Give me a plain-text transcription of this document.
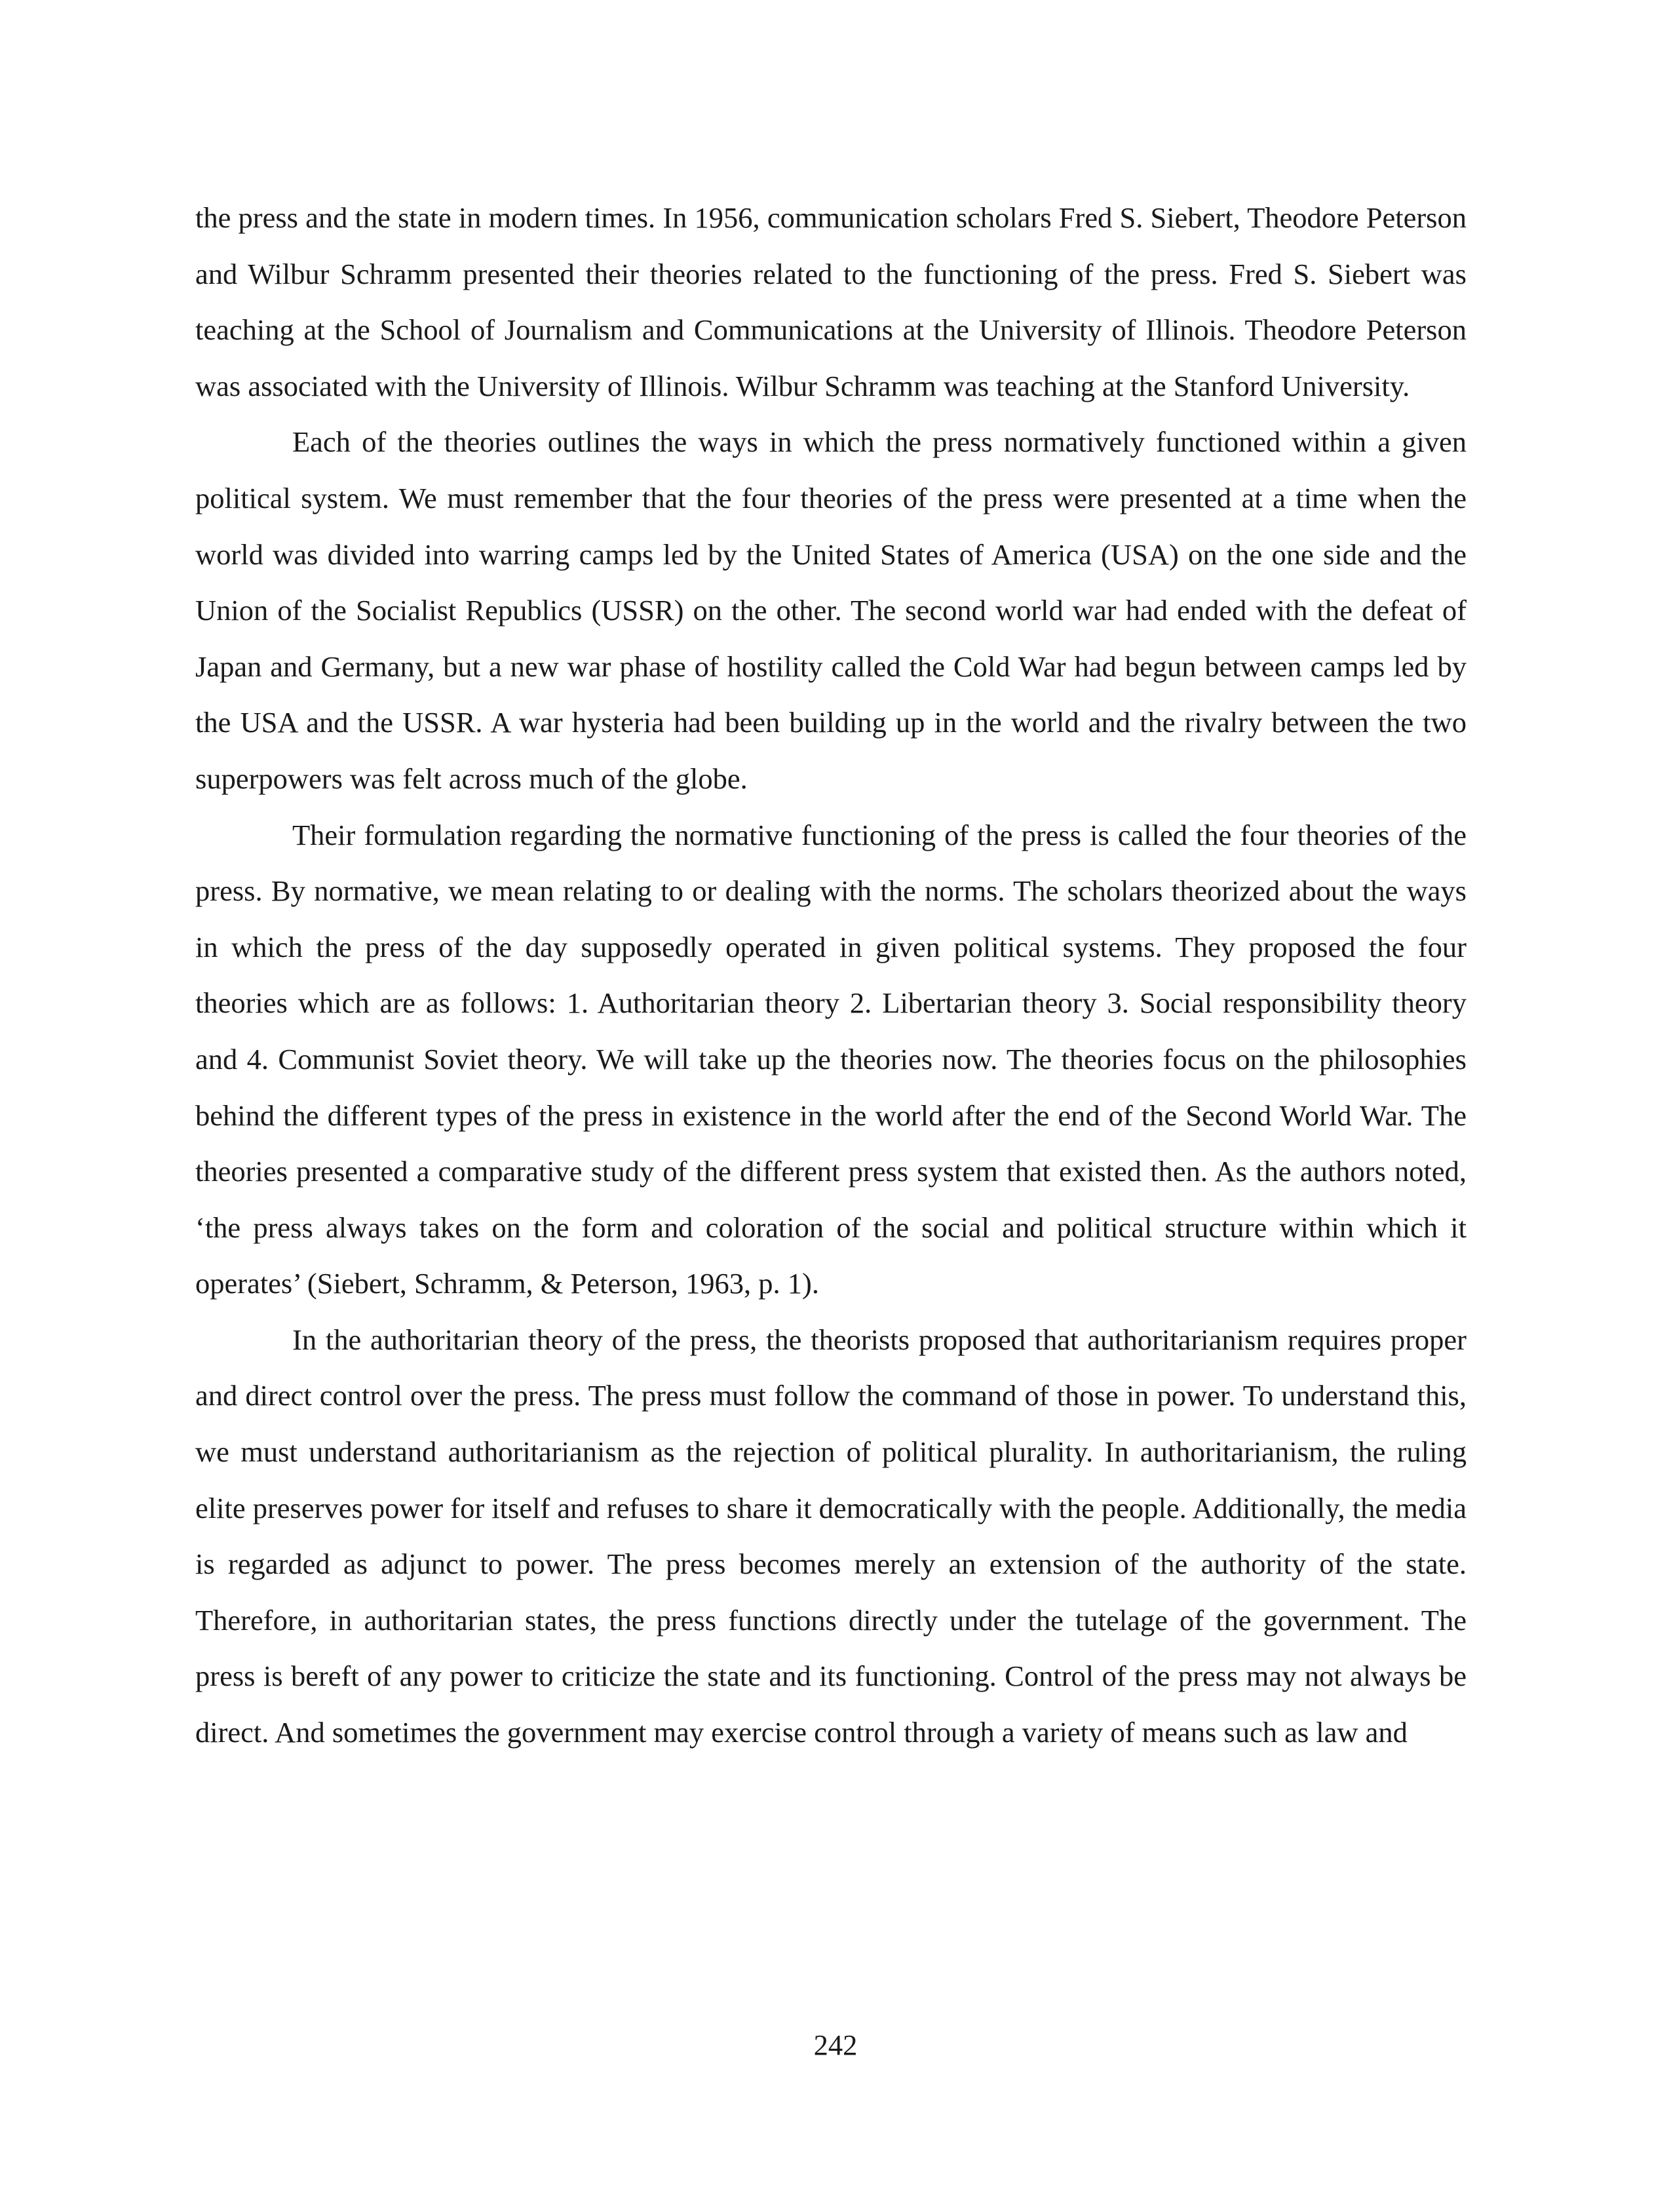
the press and the state in modern times. In 1956, communication scholars Fred S. Siebert, Theodore Peterson and Wilbur Schramm presented their theories related to the functioning of the press. Fred S. Siebert was teaching at the School of Journalism and Communications at the University of Illinois. Theodore Peterson was associated with the University of Illinois. Wilbur Schramm was teaching at the Stanford University.

Each of the theories outlines the ways in which the press normatively functioned within a given political system. We must remember that the four theories of the press were presented at a time when the world was divided into warring camps led by the United States of America (USA) on the one side and the Union of the Socialist Republics (USSR) on the other. The second world war had ended with the defeat of Japan and Germany, but a new war phase of hostility called the Cold War had begun between camps led by the USA and the USSR. A war hysteria had been building up in the world and the rivalry between the two superpowers was felt across much of the globe.

Their formulation regarding the normative functioning of the press is called the four theories of the press. By normative, we mean relating to or dealing with the norms. The scholars theorized about the ways in which the press of the day supposedly operated in given political systems. They proposed the four theories which are as follows: 1. Authoritarian theory 2. Libertarian theory 3. Social responsibility theory and 4. Communist Soviet theory. We will take up the theories now. The theories focus on the philosophies behind the different types of the press in existence in the world after the end of the Second World War. The theories presented a comparative study of the different press system that existed then. As the authors noted, ‘the press always takes on the form and coloration of the social and political structure within which it operates’ (Siebert, Schramm, & Peterson, 1963, p. 1).

In the authoritarian theory of the press, the theorists proposed that authoritarianism requires proper and direct control over the press. The press must follow the command of those in power. To understand this, we must understand authoritarianism as the rejection of political plurality. In authoritarianism, the ruling elite preserves power for itself and refuses to share it democratically with the people. Additionally, the media is regarded as adjunct to power. The press becomes merely an extension of the authority of the state. Therefore, in authoritarian states, the press functions directly under the tutelage of the government. The press is bereft of any power to criticize the state and its functioning. Control of the press may not always be direct. And sometimes the government may exercise control through a variety of means such as law and

242
